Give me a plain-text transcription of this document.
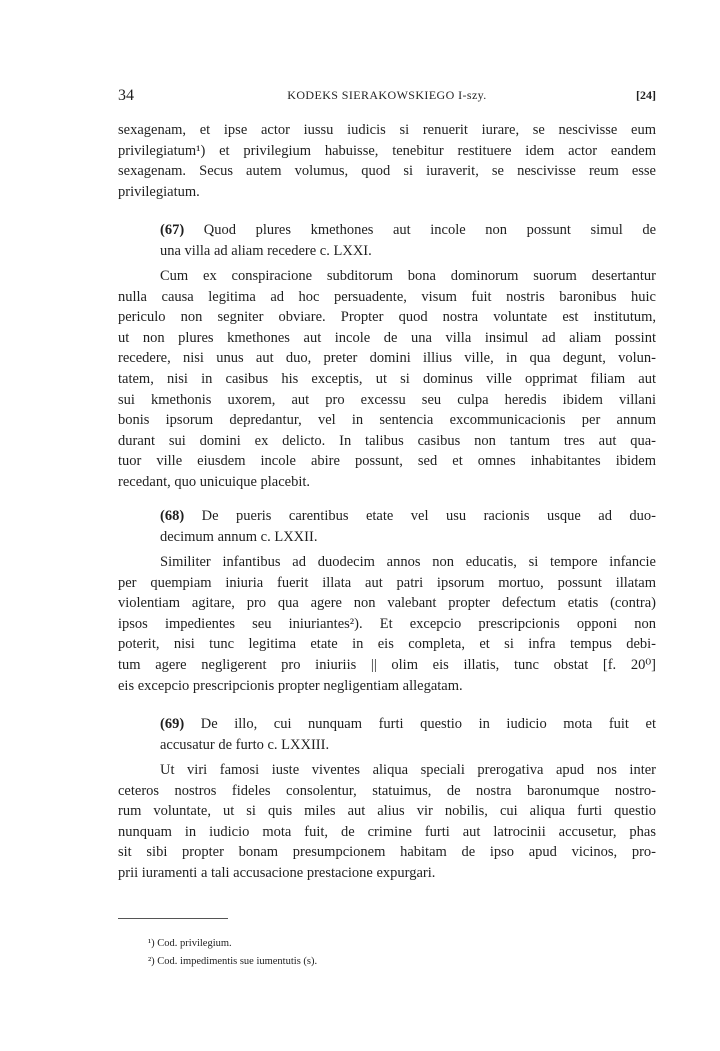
34	KODEKS SIERAKOWSKIEGO I-szy.	[24]
sexagenam, et ipse actor iussu iudicis si renuerit iurare, se nescivisse eum
privilegiatum¹) et privilegium habuisse, tenebitur restituere idem actor eandem
sexagenam. Secus autem volumus, quod si iuraverit, se nescivisse reum esse
privilegiatum.
(67) Quod plures kmethones aut incole non possunt simul de
una villa ad aliam recedere c. LXXI.
Cum ex conspiracione subditorum bona dominorum suorum desertantur
nulla causa legitima ad hoc persuadente, visum fuit nostris baronibus huic
periculo non segniter obviare. Propter quod nostra voluntate est institutum,
ut non plures kmethones aut incole de una villa insimul ad aliam possint
recedere, nisi unus aut duo, preter domini illius ville, in qua degunt, volun-
tatem, nisi in casibus his exceptis, ut si dominus ville opprimat filiam aut
sui kmethonis uxorem, aut pro excessu seu culpa heredis ibidem villani
bonis ipsorum depredantur, vel in sentencia excommunicacionis per annum
durant sui domini ex delicto. In talibus casibus non tantum tres aut qua-
tuor ville eiusdem incole abire possunt, sed et omnes inhabitantes ibidem
recedant, quo unicuique placebit.
(68) De pueris carentibus etate vel usu racionis usque ad duo-
decimum annum c. LXXII.
Similiter infantibus ad duodecim annos non educatis, si tempore infancie
per quempiam iniuria fuerit illata aut patri ipsorum mortuo, possunt illatam
violentiam agitare, pro qua agere non valebant propter defectum etatis (contra)
ipsos impedientes seu iniuriantes²). Et excepcio prescripcionis opponi non
poterit, nisi tunc legitima etate in eis completa, et si infra tempus debi-
tum agere negligerent pro iniuriis || olim eis illatis, tunc obstat [f. 20⁰]
eis excepcio prescripcionis propter negligentiam allegatam.
(69) De illo, cui nunquam furti questio in iudicio mota fuit et
accusatur de furto c. LXXIII.
Ut viri famosi iuste viventes aliqua speciali prerogativa apud nos inter
ceteros nostros fideles consolentur, statuimus, de nostra baronumque nostro-
rum voluntate, ut si quis miles aut alius vir nobilis, cui aliqua furti questio
nunquam in iudicio mota fuit, de crimine furti aut latrocinii accusetur, phas
sit sibi propter bonam presumpcionem habitam de ipso apud vicinos, pro-
prii iuramenti a tali accusacione prestacione expurgari.
¹) Cod. privilegium.
²) Cod. impedimentis sue iumentutis (s).
